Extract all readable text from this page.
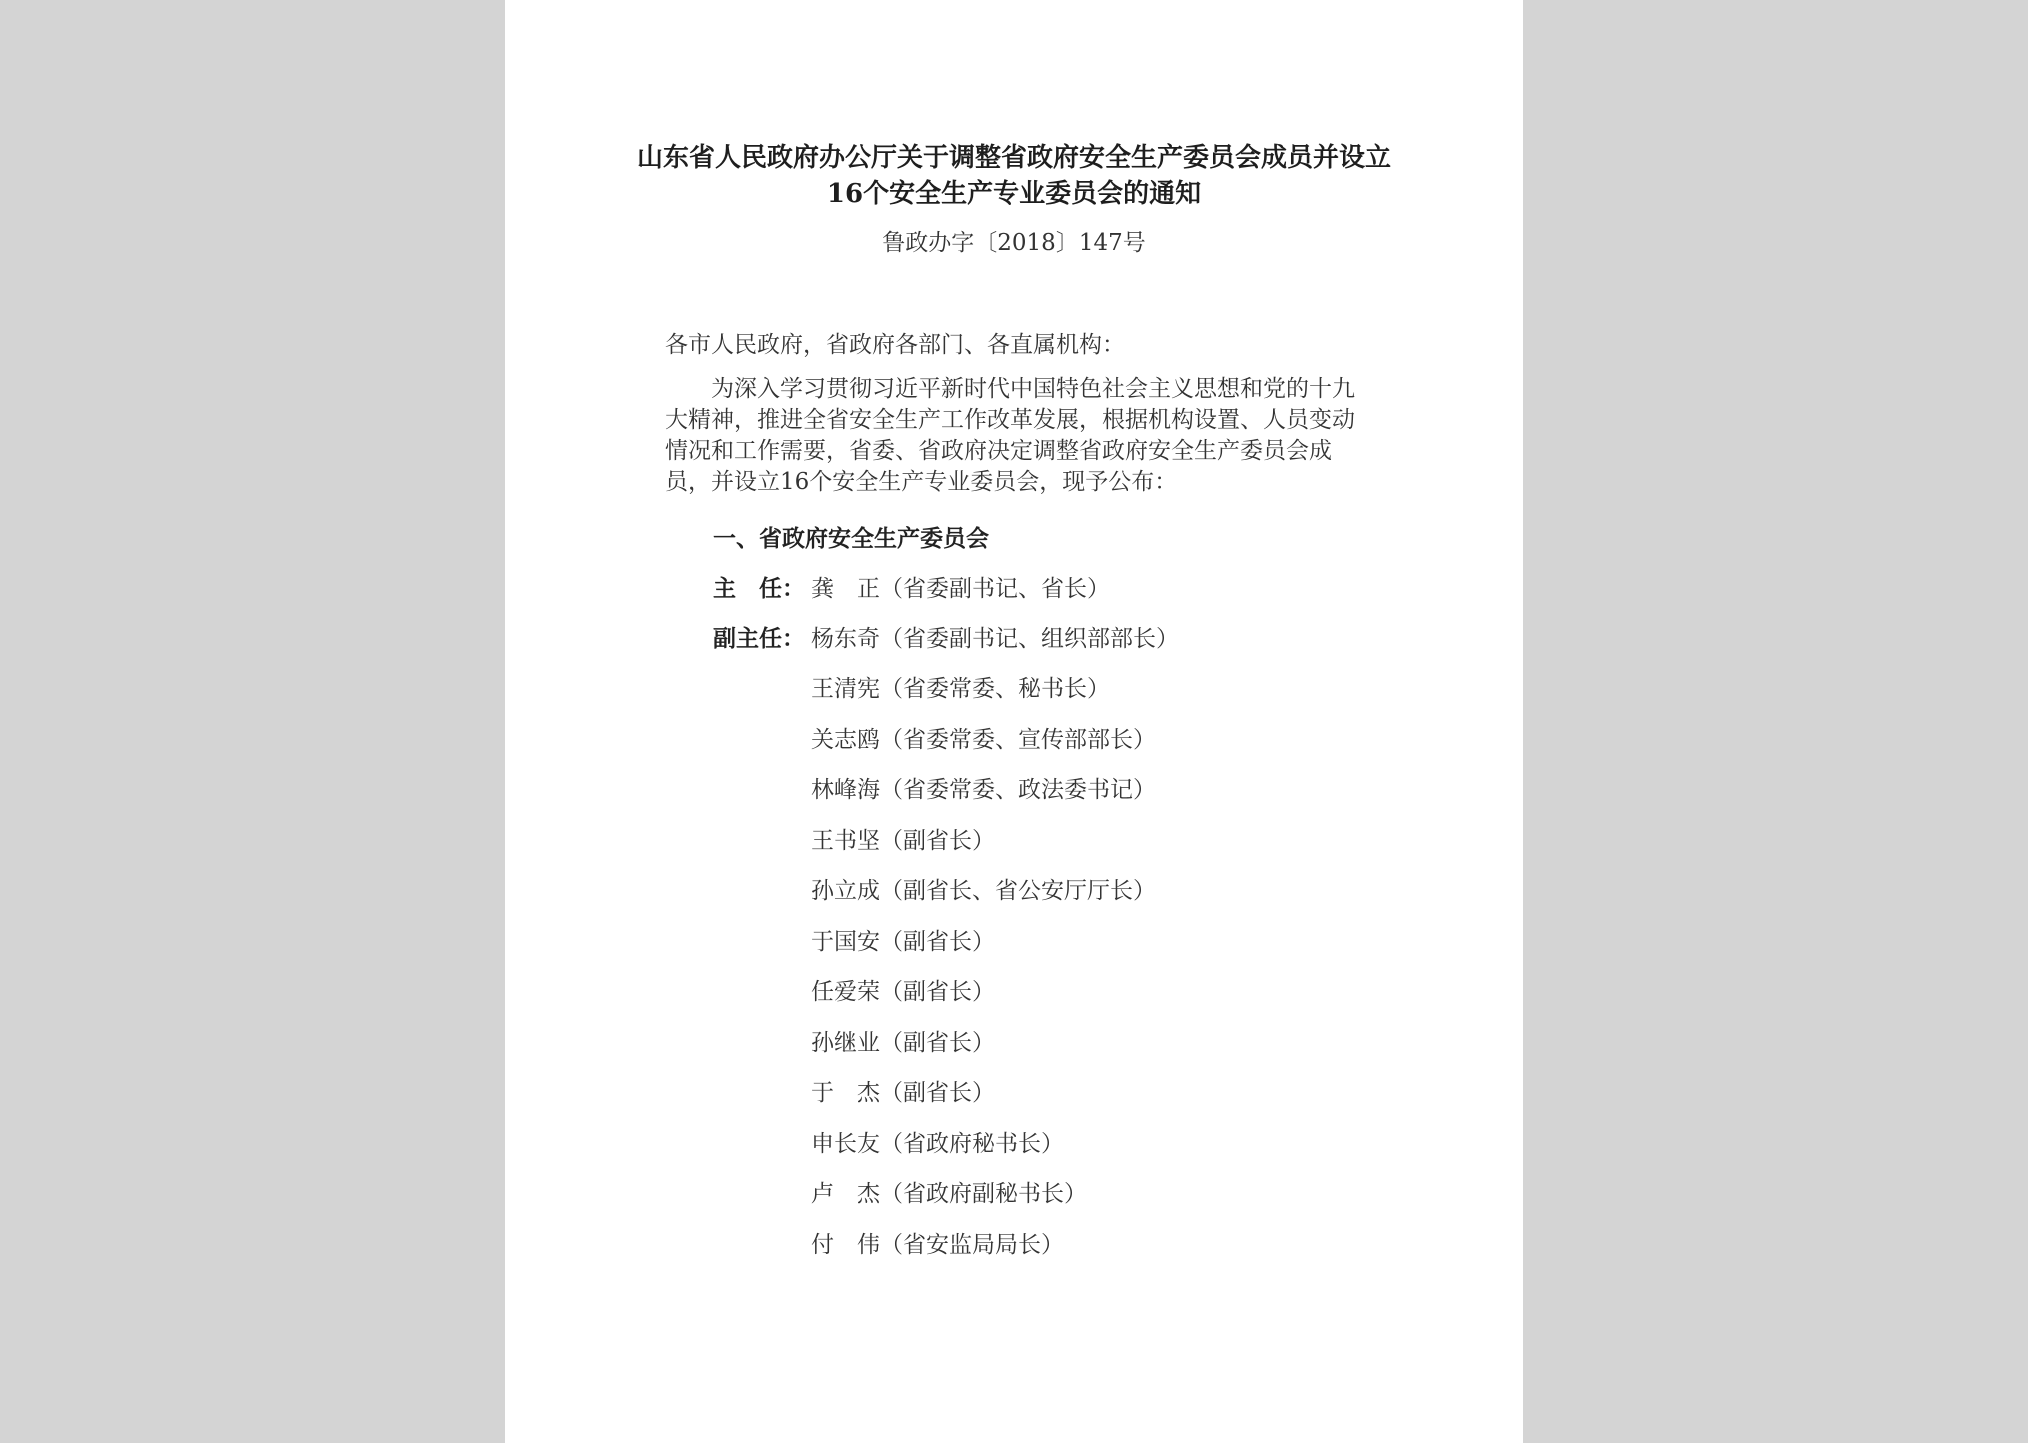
山东省人民政府办公厅关于调整省政府安全生产委员会成员并设立
16个安全生产专业委员会的通知
鲁政办字〔2018〕147号
各市人民政府，省政府各部门、各直属机构：
为深入学习贯彻习近平新时代中国特色社会主义思想和党的十九大精神，推进全省安全生产工作改革发展，根据机构设置、人员变动情况和工作需要，省委、省政府决定调整省政府安全生产委员会成员，并设立16个安全生产专业委员会，现予公布：
一、省政府安全生产委员会
主　任： 龚　正（省委副书记、省长）
副主任： 杨东奇（省委副书记、组织部部长）
王清宪（省委常委、秘书长）
关志鸥（省委常委、宣传部部长）
林峰海（省委常委、政法委书记）
王书坚（副省长）
孙立成（副省长、省公安厅厅长）
于国安（副省长）
任爱荣（副省长）
孙继业（副省长）
于　杰（副省长）
申长友（省政府秘书长）
卢　杰（省政府副秘书长）
付　伟（省安监局局长）
